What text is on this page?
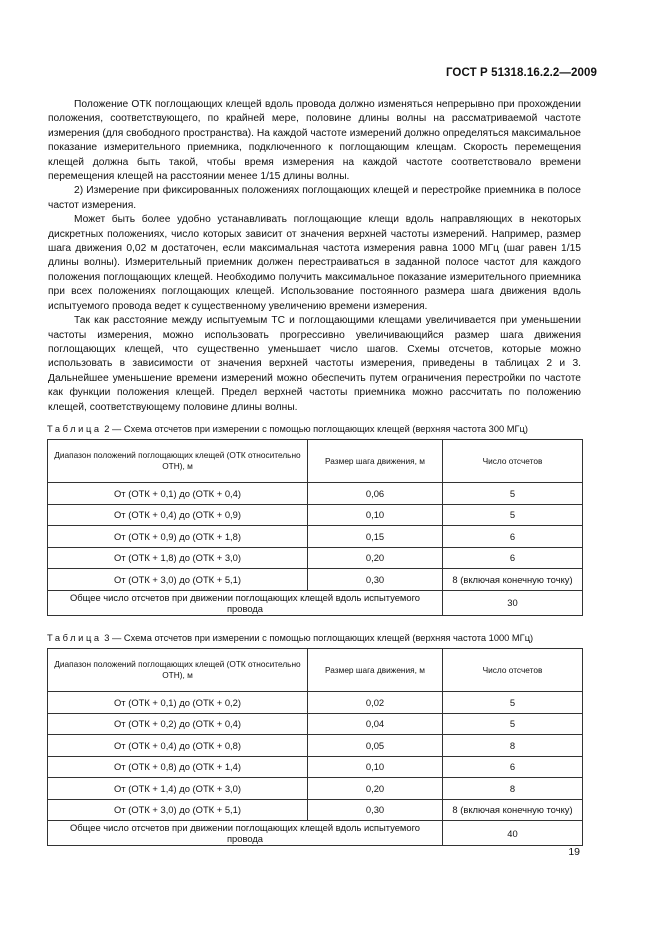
ГОСТ Р 51318.16.2.2—2009

Положение ОТК поглощающих клещей вдоль провода должно изменяться непрерывно при прохождении положения, соответствующего, по крайней мере, половине длины волны на рассматриваемой частоте измерения (для свободного пространства). На каждой частоте измерений должно определяться максимальное показание измерительного приемника, подключенного к поглощающим клещам. Скорость перемещения клещей должна быть такой, чтобы время измерения на каждой частоте соответствовало времени перемещения клещей на расстоянии менее 1/15 длины волны.

2) Измерение при фиксированных положениях поглощающих клещей и перестройке приемника в полосе частот измерения.

Может быть более удобно устанавливать поглощающие клещи вдоль направляющих в некоторых дискретных положениях, число которых зависит от значения верхней частоты измерений. Например, размер шага движения 0,02 м достаточен, если максимальная частота измерения равна 1000 МГц (шаг равен 1/15 длины волны). Измерительный приемник должен перестраиваться в заданной полосе частот для каждого положения поглощающих клещей. Необходимо получить максимальное показание измерительного приемника при всех положениях поглощающих клещей. Использование постоянного размера шага движения вдоль испытуемого провода ведет к существенному увеличению времени измерения.

Так как расстояние между испытуемым ТС и поглощающими клещами увеличивается при уменьшении частоты измерения, можно использовать прогрессивно увеличивающийся размер шага движения поглощающих клещей, что существенно уменьшает число шагов. Схемы отсчетов, которые можно использовать в зависимости от значения верхней частоты измерения, приведены в таблицах 2 и 3. Дальнейшее уменьшение времени измерений можно обеспечить путем ограничения перестройки по частоте как функции положения клещей. Предел верхней частоты приемника можно рассчитать по положению клещей, соответствующему половине длины волны.

Таблица 2 — Схема отсчетов при измерении с помощью поглощающих клещей (верхняя частота 300 МГц)
Диапазон положений поглощающих клещей (ОТК относительно ОТН), м	Размер шага движения, м	Число отсчетов
От (ОТК + 0,1) до (ОТК + 0,4)	0,06	5
От (ОТК + 0,4) до (ОТК + 0,9)	0,10	5
От (ОТК + 0,9) до (ОТК + 1,8)	0,15	6
От (ОТК + 1,8) до (ОТК + 3,0)	0,20	6
От (ОТК + 3,0) до (ОТК + 5,1)	0,30	8 (включая конечную точку)
Общее число отсчетов при движении поглощающих клещей вдоль испытуемого провода		30
Таблица 3 — Схема отсчетов при измерении с помощью поглощающих клещей (верхняя частота 1000 МГц)
Диапазон положений поглощающих клещей (ОТК относительно ОТН), м	Размер шага движения, м	Число отсчетов
От (ОТК + 0,1) до (ОТК + 0,2)	0,02	5
От (ОТК + 0,2) до (ОТК + 0,4)	0,04	5
От (ОТК + 0,4) до (ОТК + 0,8)	0,05	8
От (ОТК + 0,8) до (ОТК + 1,4)	0,10	6
От (ОТК + 1,4) до (ОТК + 3,0)	0,20	8
От (ОТК + 3,0) до (ОТК + 5,1)	0,30	8 (включая конечную точку)
Общее число отсчетов при движении поглощающих клещей вдоль испытуемого провода		40
19
